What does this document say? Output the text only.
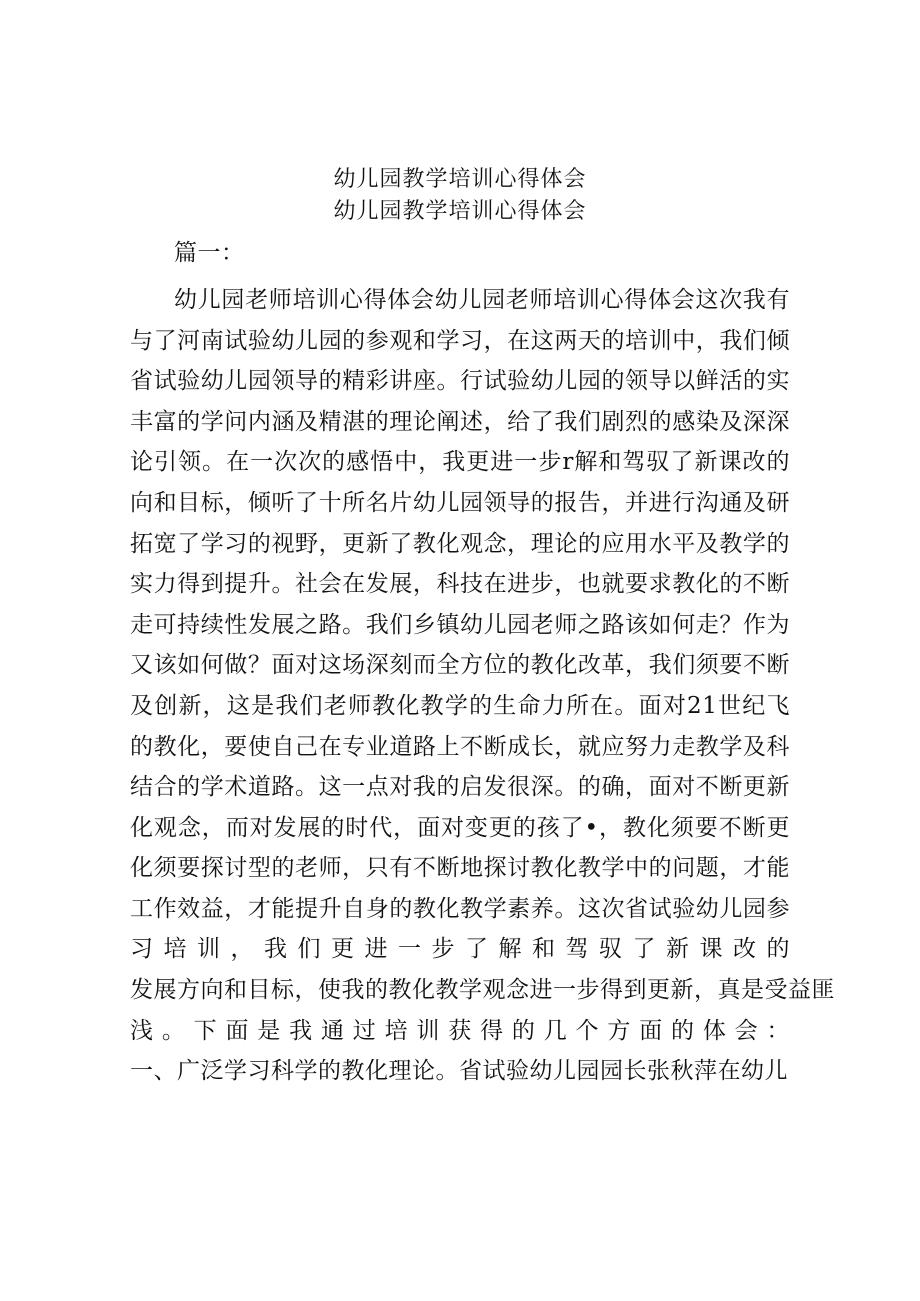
幼儿园教学培训心得体会
幼儿园教学培训心得体会
篇一：
幼儿园老师培训心得体会幼儿园老师培训心得体会这次我有
与了河南试验幼儿园的参观和学习，在这两天的培训中，我们倾
省试验幼儿园领导的精彩讲座。行试验幼儿园的领导以鲜活的实
丰富的学问内涵及精湛的理论阐述，给了我们剧烈的感染及深深
论引领。在一次次的感悟中，我更进一步r解和驾驭了新课改的
向和目标，倾听了十所名片幼儿园领导的报告，并进行沟通及研
拓宽了学习的视野，更新了教化观念，理论的应用水平及教学的
实力得到提升。社会在发展，科技在进步，也就要求教化的不断
走可持续性发展之路。我们乡镇幼儿园老师之路该如何走？作为
又该如何做？面对这场深刻而全方位的教化改革，我们须要不断
及创新，这是我们老师教化教学的生命力所在。面对21世纪飞
的教化，要使自己在专业道路上不断成长，就应努力走教学及科
结合的学术道路。这一点对我的启发很深。的确，面对不断更新
化观念，而对发展的时代，面对变更的孩了•，教化须要不断更
化须要探讨型的老师，只有不断地探讨教化教学中的问题，才能
工作效益，才能提升自身的教化教学素养。这次省试验幼儿园参
习培训，我们更进一步了解和驾驭了新课改的
发展方向和目标，使我的教化教学观念进一步得到更新，真是受益匪
浅。下面是我通过培训获得的几个方面的体会：
一、广泛学习科学的教化理论。省试验幼儿园园长张秋萍在幼儿
